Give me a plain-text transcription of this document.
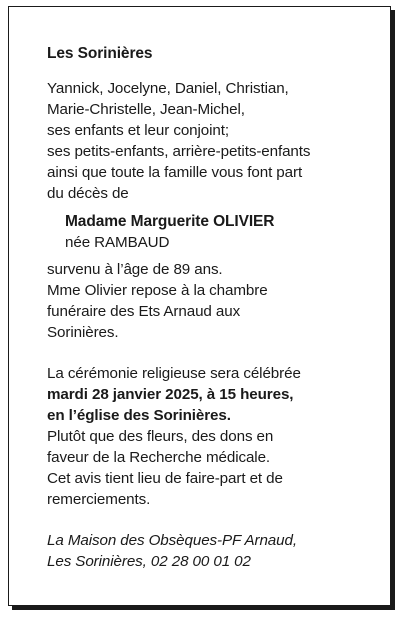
Les Sorinières
Yannick, Jocelyne, Daniel, Christian,
Marie-Christelle, Jean-Michel,
ses enfants et leur conjoint;
ses petits-enfants, arrière-petits-enfants
ainsi que toute la famille vous font part
du décès de
Madame Marguerite OLIVIER
née RAMBAUD
survenu à l’âge de 89 ans.
Mme Olivier repose à la chambre
funéraire des Ets Arnaud aux
Sorinières.
La cérémonie religieuse sera célébrée
mardi 28 janvier 2025, à 15 heures,
en l’église des Sorinières.
Plutôt que des fleurs, des dons en
faveur de la Recherche médicale.
Cet avis tient lieu de faire-part et de
remerciements.
La Maison des Obsèques-PF Arnaud,
Les Sorinières, 02 28 00 01 02
